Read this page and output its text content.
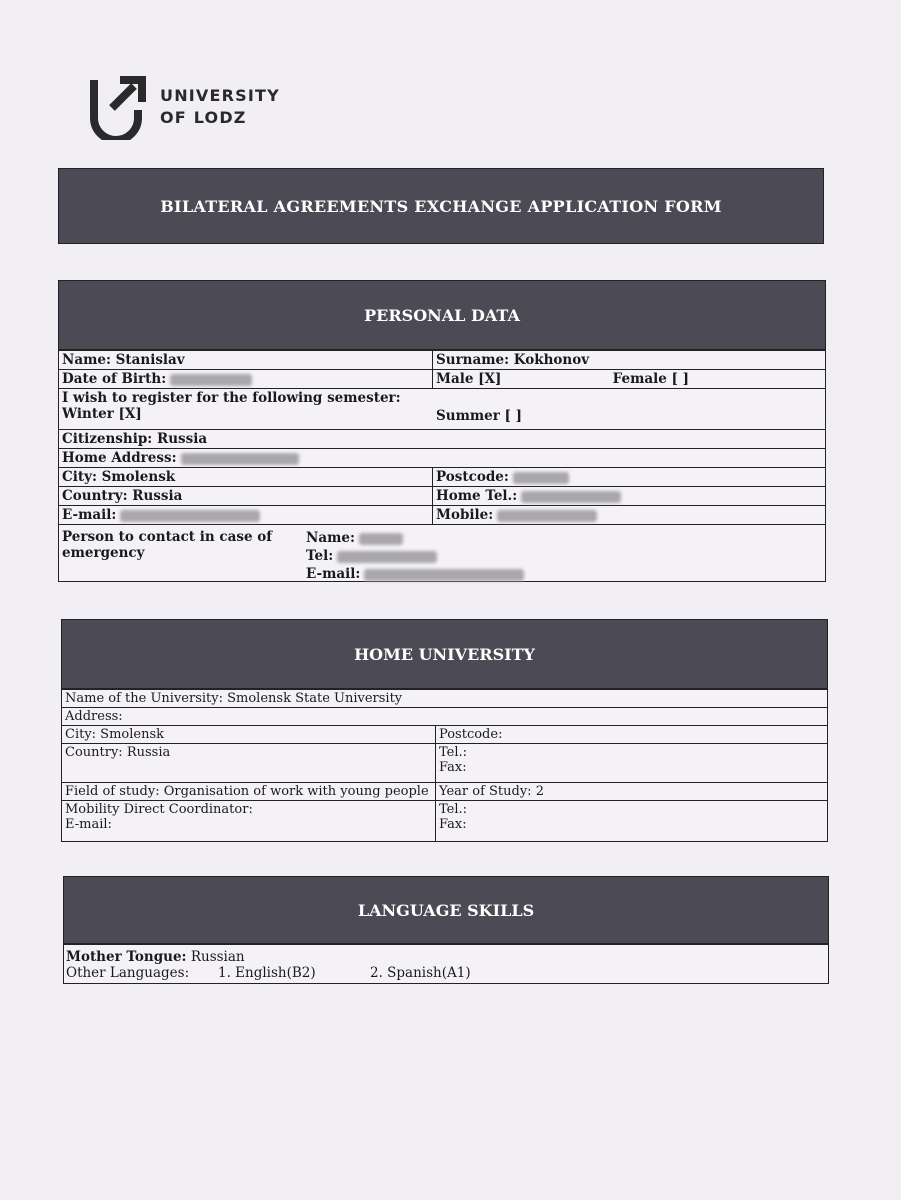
UNIVERSITY
OF LODZ
BILATERAL AGREEMENTS EXCHANGE APPLICATION FORM
PERSONAL DATA
Name: Stanislav	Surname: Kokhonov
Date of Birth:	Male [X]	Female [ ]
I wish to register for the following semester:
Winter [X]	Summer [ ]
Citizenship: Russia
Home Address:
City: Smolensk	Postcode:
Country: Russia	Home Tel.:
E-mail:	Mobile:
Person to contact in case of emergency
Name:
Tel:
E-mail:
HOME UNIVERSITY
Name of the University: Smolensk State University
Address:
City: Smolensk	Postcode:
Country: Russia	Tel.:
Fax:
Field of study: Organisation of work with young people Year of Study: 2
Mobility Direct Coordinator:
E-mail:
Tel.:
Fax:
LANGUAGE SKILLS
Mother Tongue: Russian
Other Languages:	1. English(B2)	2. Spanish(A1)
